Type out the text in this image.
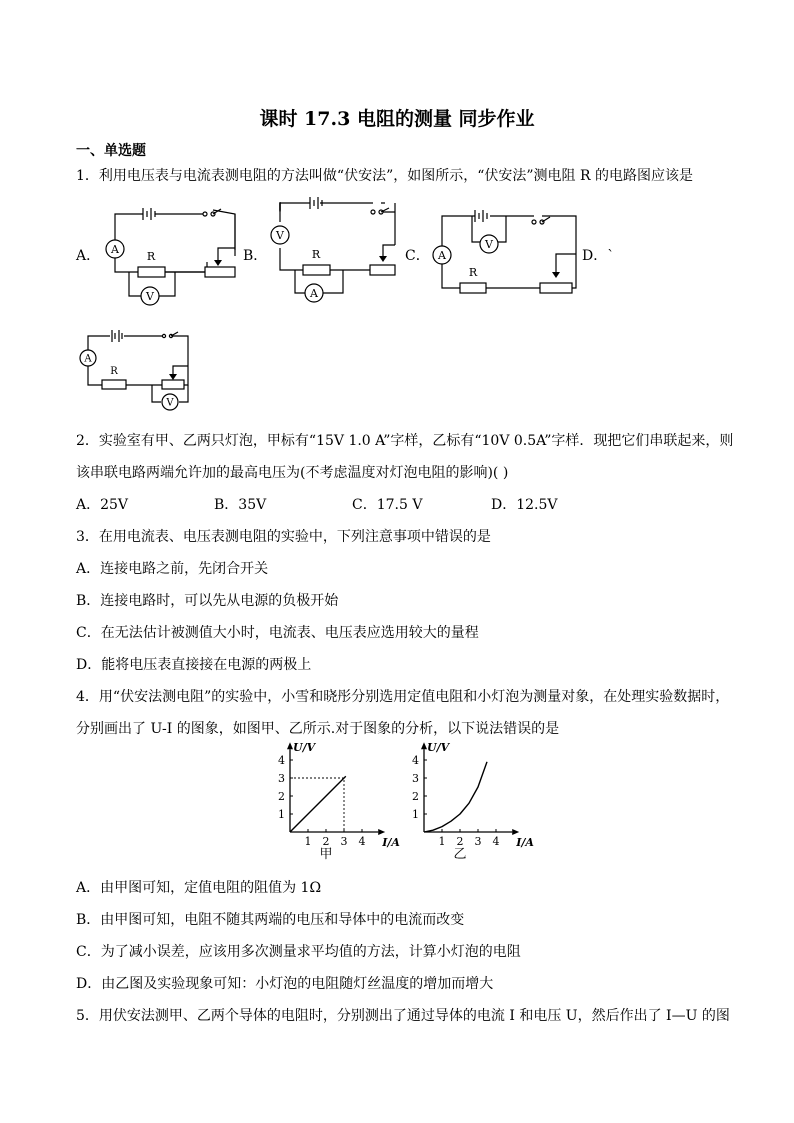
课时 17.3 电阻的测量 同步作业
一、单选题
1．利用电压表与电流表测电阻的方法叫做“伏安法”，如图所示，“伏安法”测电阻 R 的电路图应该是
A．	B．	C．	D．`
A
R
V
V
R
A
V
A
R
A
R
V
2．实验室有甲、乙两只灯泡，甲标有“15V 1.0 A”字样，乙标有“10V 0.5A”字样．现把它们串联起来，则
该串联电路两端允许加的最高电压为(不考虑温度对灯泡电阻的影响)( )
A．25V	B．35V	C．17.5 V	D．12.5V
3．在用电流表、电压表测电阻的实验中，下列注意事项中错误的是
A．连接电路之前，先闭合开关
B．连接电路时，可以先从电源的负极开始
C．在无法估计被测值大小时，电流表、电压表应选用较大的量程
D．能将电压表直接接在电源的两极上
4．用“伏安法测电阻”的实验中，小雪和晓彤分别选用定值电阻和小灯泡为测量对象，在处理实验数据时，
分别画出了 U-I 的图象，如图甲、乙所示.对于图象的分析，以下说法错误的是
1 2 3 4
1
2
3
4
U/V
I/A
甲
1 2 3 4
1
2
3
4
U/V
I/A
乙
A．由甲图可知，定值电阻的阻值为 1Ω
B．由甲图可知，电阻不随其两端的电压和导体中的电流而改变
C．为了减小误差，应该用多次测量求平均值的方法，计算小灯泡的电阻
D．由乙图及实验现象可知：小灯泡的电阻随灯丝温度的增加而增大
5．用伏安法测甲、乙两个导体的电阻时，分别测出了通过导体的电流 I 和电压 U，然后作出了 I—U 的图
